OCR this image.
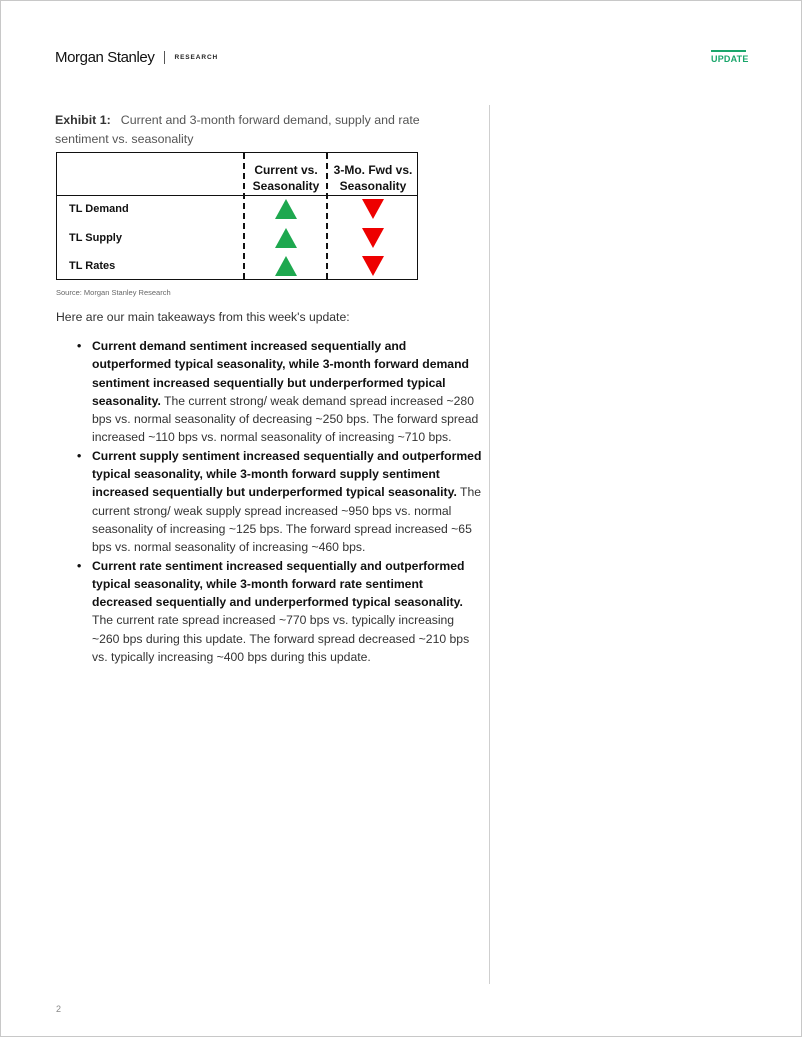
Morgan Stanley	RESEARCH	UPDATE
Exhibit 1: Current and 3-month forward demand, supply and rate sentiment vs. seasonality
Current vs.
Seasonality
3-Mo. Fwd vs.
Seasonality
TL Demand
TL Supply
TL Rates
Source: Morgan Stanley Research
Here are our main takeaways from this week's update:
• Current demand sentiment increased sequentially and outperformed typical seasonality, while 3-month forward demand sentiment increased sequentially but underperformed typical seasonality. The current strong/ weak demand spread increased ~280 bps vs. normal seasonality of decreasing ~250 bps. The forward spread increased ~110 bps vs. normal seasonality of increasing ~710 bps.
• Current supply sentiment increased sequentially and outperformed typical seasonality, while 3-month forward supply sentiment increased sequentially but underperformed typical seasonality. The current strong/ weak supply spread increased ~950 bps vs. normal seasonality of increasing ~125 bps. The forward spread increased ~65 bps vs. normal seasonality of increasing ~460 bps.
• Current rate sentiment increased sequentially and outperformed typical seasonality, while 3-month forward rate sentiment decreased sequentially and underperformed typical seasonality. The current rate spread increased ~770 bps vs. typically increasing ~260 bps during this update. The forward spread decreased ~210 bps vs. typically increasing ~400 bps during this update.
2
